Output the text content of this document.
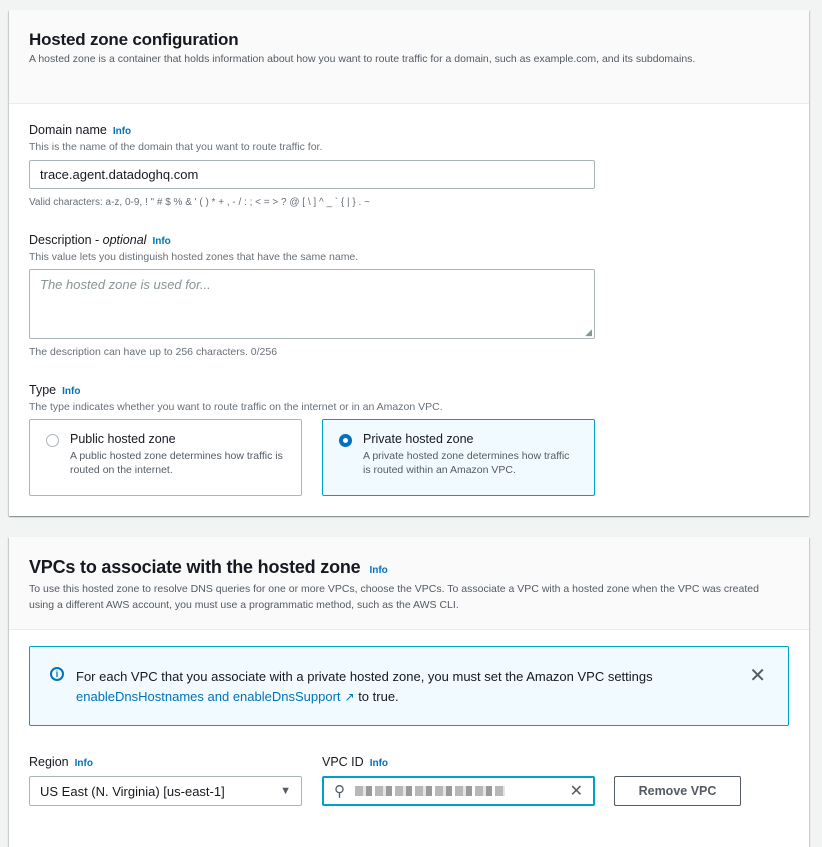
Hosted zone configuration
A hosted zone is a container that holds information about how you want to route traffic for a domain, such as example.com, and its subdomains.
Domain name Info
This is the name of the domain that you want to route traffic for.
trace.agent.datadoghq.com
Valid characters: a-z, 0-9, ! " # $ % & ' ( ) * + , - / : ; < = > ? @ [ \ ] ^ _ ` { | } . ~
Description - optional Info
This value lets you distinguish hosted zones that have the same name.
The hosted zone is used for...
◢
The description can have up to 256 characters. 0/256
Type Info
The type indicates whether you want to route traffic on the internet or in an Amazon VPC.
Public hosted zone
A public hosted zone determines how traffic is routed on the internet.
Private hosted zone
A private hosted zone determines how traffic is routed within an Amazon VPC.
VPCs to associate with the hosted zone Info
To use this hosted zone to resolve DNS queries for one or more VPCs, choose the VPCs. To associate a VPC with a hosted zone when the VPC was created using a different AWS account, you must use a programmatic method, such as the AWS CLI.
i	For each VPC that you associate with a private hosted zone, you must set the Amazon VPC settings enableDnsHostnames and enableDnsSupport ↗ to true.
✕
Region Info
US East (N. Virginia) [us-east-1]	▼
VPC ID Info
⚲	✕	Remove VPC
